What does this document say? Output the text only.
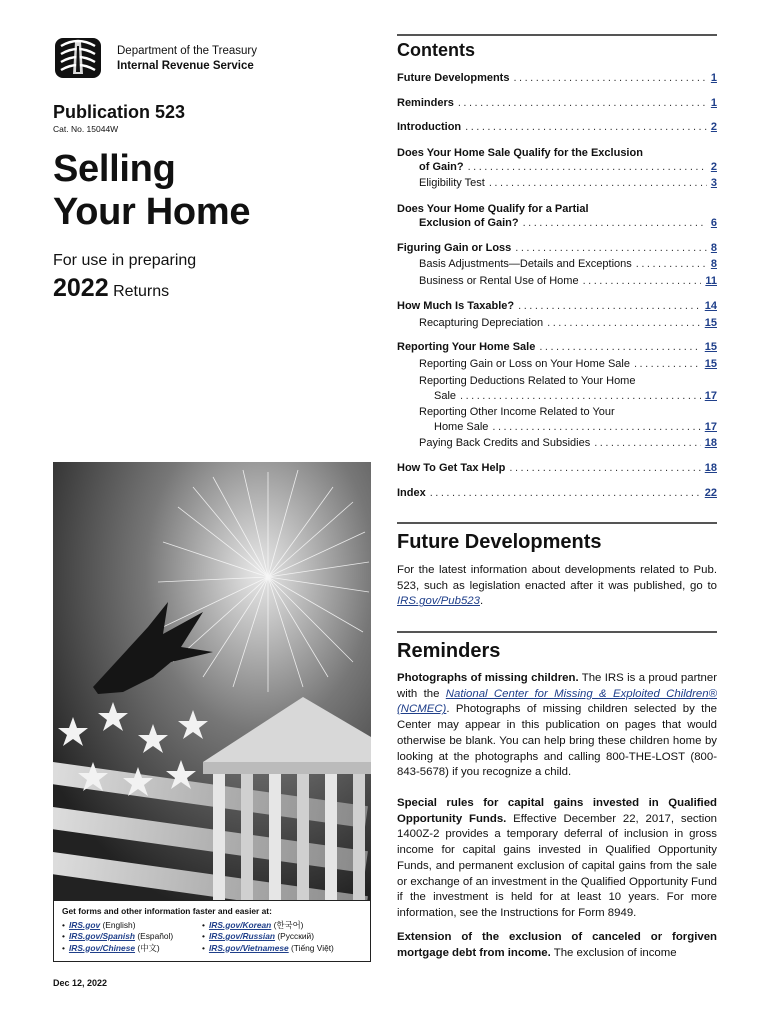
Department of the Treasury
Internal Revenue Service
Publication 523
Cat. No. 15044W
Selling
Your Home
For use in preparing
2022 Returns
Get forms and other information faster and easier at:
• IRS.gov (English)
• IRS.gov/Spanish (Español)
• IRS.gov/Chinese (中文)
• IRS.gov/Korean (한국어)
• IRS.gov/Russian (Русский)
• IRS.gov/Vietnamese (Tiếng Việt)
Dec 12, 2022
Contents
Future Developments .....	1
Reminders .....	1
Introduction .....	2
Does Your Home Sale Qualify for the Exclusion
of Gain? .....	2
Eligibility Test .....	3
Does Your Home Qualify for a Partial
Exclusion of Gain? .....	6
Figuring Gain or Loss .....	8
Basis Adjustments—Details and Exceptions .....	8
Business or Rental Use of Home .....	11
How Much Is Taxable? .....	14
Recapturing Depreciation .....	15
Reporting Your Home Sale .....	15
Reporting Gain or Loss on Your Home Sale .....	15
Reporting Deductions Related to Your Home
Sale .....	17
Reporting Other Income Related to Your
Home Sale .....	17
Paying Back Credits and Subsidies .....	18
How To Get Tax Help .....	18
Index .....	22
Future Developments
For the latest information about developments related to Pub. 523, such as legislation enacted after it was published, go to IRS.gov/Pub523.
Reminders
Photographs of missing children. The IRS is a proud partner with the National Center for Missing & Exploited Children® (NCMEC). Photographs of missing children selected by the Center may appear in this publication on pages that would otherwise be blank. You can help bring these children home by looking at the photographs and calling 800-THE-LOST (800-843-5678) if you recognize a child.
Special rules for capital gains invested in Qualified Opportunity Funds. Effective December 22, 2017, section 1400Z-2 provides a temporary deferral of inclusion in gross income for capital gains invested in Qualified Opportunity Funds, and permanent exclusion of capital gains from the sale or exchange of an investment in the Qualified Opportunity Fund if the investment is held for at least 10 years. For more information, see the Instructions for Form 8949.
Extension of the exclusion of canceled or forgiven mortgage debt from income. The exclusion of income
